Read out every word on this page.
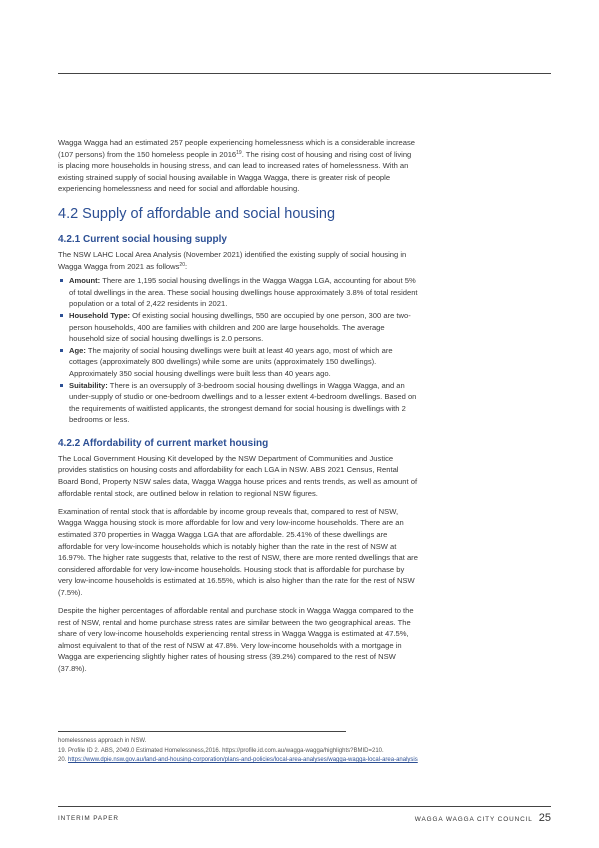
Wagga Wagga had an estimated 257 people experiencing homelessness which is a considerable increase (107 persons) from the 150 homeless people in 2016$^{19}$. The rising cost of housing and rising cost of living is placing more households in housing stress, and can lead to increased rates of homelessness. With an existing strained supply of social housing available in Wagga Wagga, there is greater risk of people experiencing homelessness and need for social and affordable housing.

4.2 Supply of affordable and social housing
4.2.1 Current social housing supply

The NSW LAHC Local Area Analysis (November 2021) identified the existing supply of social housing in Wagga Wagga from 2021 as follows$^{20}$:

Amount: There are 1,195 social housing dwellings in the Wagga Wagga LGA, accounting for about 5% of total dwellings in the area. These social housing dwellings house approximately 3.8% of total resident population or a total of 2,422 residents in 2021.
Household Type: Of existing social housing dwellings, 550 are occupied by one person, 300 are two-person households, 400 are families with children and 200 are large households. The average household size of social housing dwellings is 2.0 persons.
Age: The majority of social housing dwellings were built at least 40 years ago, most of which are cottages (approximately 800 dwellings) while some are units (approximately 150 dwellings). Approximately 350 social housing dwellings were built less than 40 years ago.
Suitability: There is an oversupply of 3-bedroom social housing dwellings in Wagga Wagga, and an under-supply of studio or one-bedroom dwellings and to a lesser extent 4-bedroom dwellings. Based on the requirements of waitlisted applicants, the strongest demand for social housing is dwellings with 2 bedrooms or less.
4.2.2 Affordability of current market housing

The Local Government Housing Kit developed by the NSW Department of Communities and Justice provides statistics on housing costs and affordability for each LGA in NSW. ABS 2021 Census, Rental Board Bond, Property NSW sales data, Wagga Wagga house prices and rents trends, as well as amount of affordable rental stock, are outlined below in relation to regional NSW figures.

Examination of rental stock that is affordable by income group reveals that, compared to rest of NSW, Wagga Wagga housing stock is more affordable for low and very low-income households. There are an estimated 370 properties in Wagga Wagga LGA that are affordable. 25.41% of these dwellings are affordable for very low-income households which is notably higher than the rate in the rest of NSW at 16.97%. The higher rate suggests that, relative to the rest of NSW, there are more rented dwellings that are considered affordable for very low-income households. Housing stock that is affordable for purchase by very low-income households is estimated at 16.55%, which is also higher than the rate for the rest of NSW (7.5%).

Despite the higher percentages of affordable rental and purchase stock in Wagga Wagga compared to the rest of NSW, rental and home purchase stress rates are similar between the two geographical areas. The share of very low-income households experiencing rental stress in Wagga Wagga is estimated at 47.5%, almost equivalent to that of the rest of NSW at 47.8%. Very low-income households with a mortgage in Wagga are experiencing slightly higher rates of housing stress (39.2%) compared to the rest of NSW (37.8%).

homelessness approach in NSW.
19. Profile ID 2. ABS, 2049.0 Estimated Homelessness,2016. https://profile.id.com.au/wagga-wagga/highlights?BMID=210.
20. https://www.dpie.nsw.gov.au/land-and-housing-corporation/plans-and-policies/local-area-analyses/wagga-wagga-local-area-analysis
INTERIM PAPER	WAGGA WAGGA CITY COUNCIL 25
